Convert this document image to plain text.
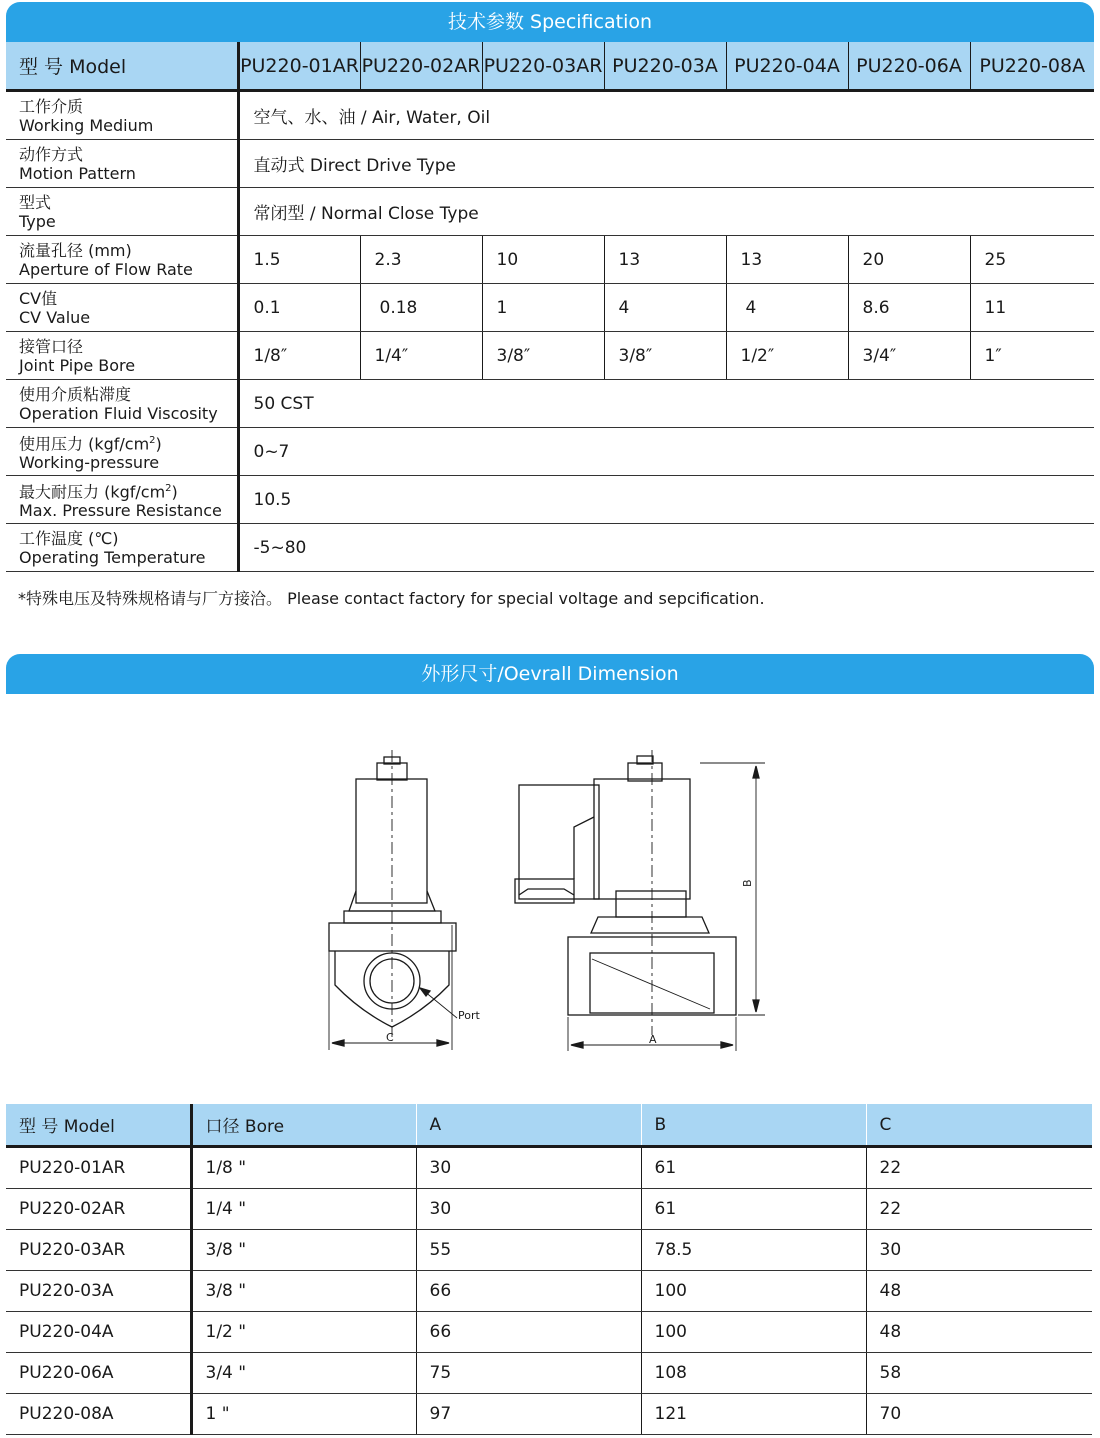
技术参数 Specification
型 号 Model	PU220-01AR	PU220-02AR	PU220-03AR	PU220-03A	PU220-04A	PU220-06A	PU220-08A

工作介质
Working Medium	空气、水、油 / Air, Water, Oil						

动作方式
Motion Pattern	直动式 Direct Drive Type						

型式
Type	常闭型 / Normal Close Type						

流量孔径 (mm)
Aperture of Flow Rate	1.5	2.3	10	13	13	20	25

CV值
CV Value	0.1	0.18	1	4	4	8.6	11

接管口径
Joint Pipe Bore	1/8″	1/4″	3/8″	3/8″	1/2″	3/4″	1″

使用介质粘滞度
Operation Fluid Viscosity	50 CST						

使用压力 $(kgf/cm^2)$
Working-pressure	0~7						

最大耐压力 $(kgf/cm^2)$
Max. Pressure Resistance	10.5						

工作温度 (℃)
Operating Temperature	-5~80						
*特殊电压及特殊规格请与厂方接洽。 Please contact factory for special voltage and sepcification.
外形尺寸/Oevrall Dimension
C
Port
A
B
型 号 Model	口径 Bore	A	B	C
PU220-01AR	1/8 "	30	61	22
PU220-02AR	1/4 "	30	61	22
PU220-03AR	3/8 "	55	78.5	30
PU220-03A	3/8 "	66	100	48
PU220-04A	1/2 "	66	100	48
PU220-06A	3/4 "	75	108	58
PU220-08A	1 "	97	121	70
